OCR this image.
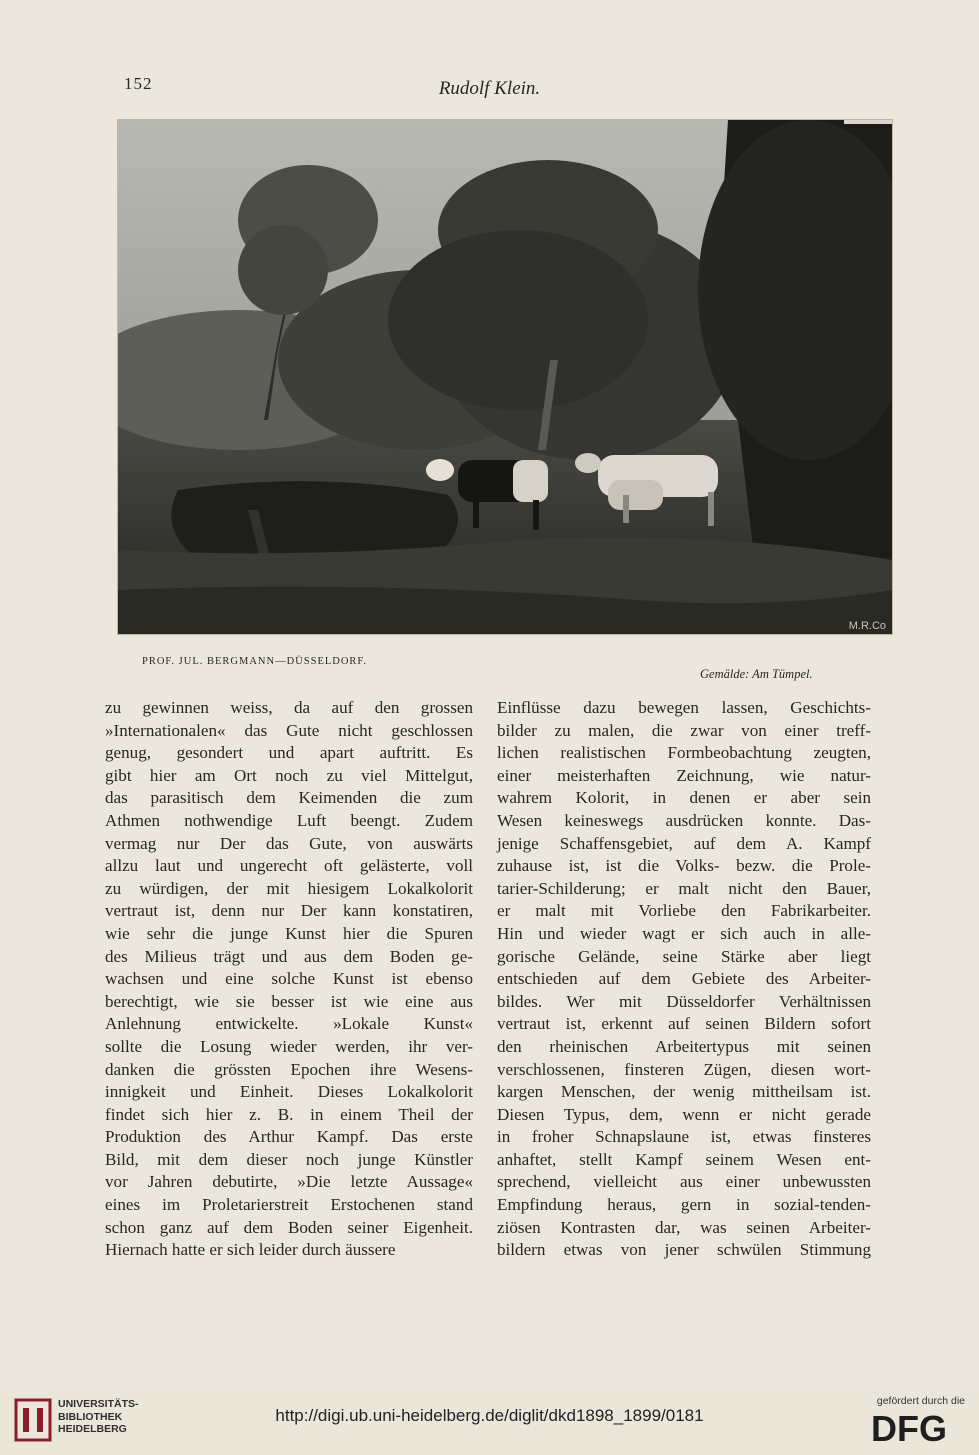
152	Rudolf Klein.
M.R.Co
PROF. JUL. BERGMANN—DÜSSELDORF.
Gemälde: Am Tümpel.
zu gewinnen weiss, da auf den grossen
»Internationalen« das Gute nicht geschlossen
genug, gesondert und apart auftritt. Es
gibt hier am Ort noch zu viel Mittelgut,
das parasitisch dem Keimenden die zum
Athmen nothwendige Luft beengt. Zudem
vermag nur Der das Gute, von auswärts
allzu laut und ungerecht oft gelästerte, voll
zu würdigen, der mit hiesigem Lokalkolorit
vertraut ist, denn nur Der kann konstatiren,
wie sehr die junge Kunst hier die Spuren
des Milieus trägt und aus dem Boden ge-
wachsen und eine solche Kunst ist ebenso
berechtigt, wie sie besser ist wie eine aus
Anlehnung entwickelte. »Lokale Kunst«
sollte die Losung wieder werden, ihr ver-
danken die grössten Epochen ihre Wesens-
innigkeit und Einheit. Dieses Lokalkolorit
findet sich hier z. B. in einem Theil der
Produktion des Arthur Kampf. Das erste
Bild, mit dem dieser noch junge Künstler
vor Jahren debutirte, »Die letzte Aussage«
eines im Proletarierstreit Erstochenen stand
schon ganz auf dem Boden seiner Eigenheit.
Hiernach hatte er sich leider durch äussere
Einflüsse dazu bewegen lassen, Geschichts-
bilder zu malen, die zwar von einer treff-
lichen realistischen Formbeobachtung zeugten,
einer meisterhaften Zeichnung, wie natur-
wahrem Kolorit, in denen er aber sein
Wesen keineswegs ausdrücken konnte. Das-
jenige Schaffensgebiet, auf dem A. Kampf
zuhause ist, ist die Volks- bezw. die Prole-
tarier-Schilderung; er malt nicht den Bauer,
er malt mit Vorliebe den Fabrikarbeiter.
Hin und wieder wagt er sich auch in alle-
gorische Gelände, seine Stärke aber liegt
entschieden auf dem Gebiete des Arbeiter-
bildes. Wer mit Düsseldorfer Verhältnissen
vertraut ist, erkennt auf seinen Bildern sofort
den rheinischen Arbeitertypus mit seinen
verschlossenen, finsteren Zügen, diesen wort-
kargen Menschen, der wenig mittheilsam ist.
Diesen Typus, dem, wenn er nicht gerade
in froher Schnapslaune ist, etwas finsteres
anhaftet, stellt Kampf seinem Wesen ent-
sprechend, vielleicht aus einer unbewussten
Empfindung heraus, gern in sozial-tenden-
ziösen Kontrasten dar, was seinen Arbeiter-
bildern etwas von jener schwülen Stimmung
UNIVERSITÄTS-
BIBLIOTHEK
HEIDELBERG
http://digi.ub.uni-heidelberg.de/diglit/dkd1898_1899/0181
gefördert durch die
DFG
